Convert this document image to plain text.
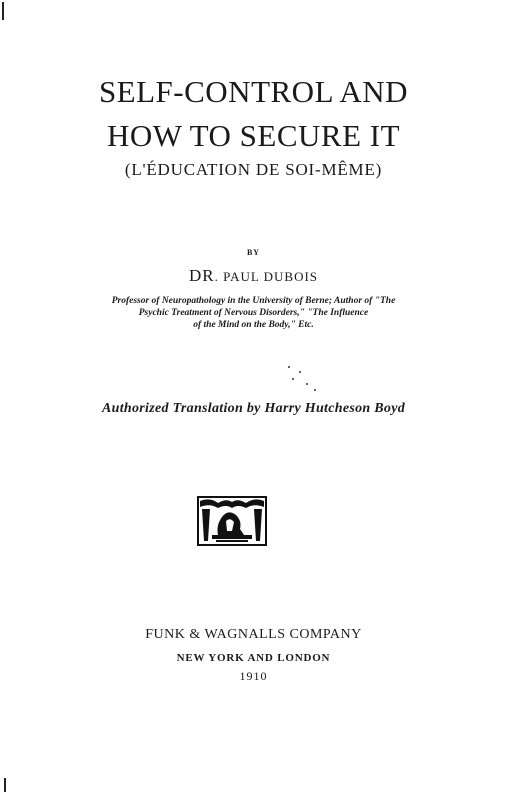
SELF-CONTROL AND
HOW TO SECURE IT
(L'ÉDUCATION DE SOI-MÊME)
BY
DR. PAUL DUBOIS
Professor of Neuropathology in the University of Berne; Author of "The
Psychic Treatment of Nervous Disorders," "The Influence
of the Mind on the Body," Etc.
Authorized Translation by Harry Hutcheson Boyd
FUNK & WAGNALLS COMPANY
NEW YORK AND LONDON
1910
